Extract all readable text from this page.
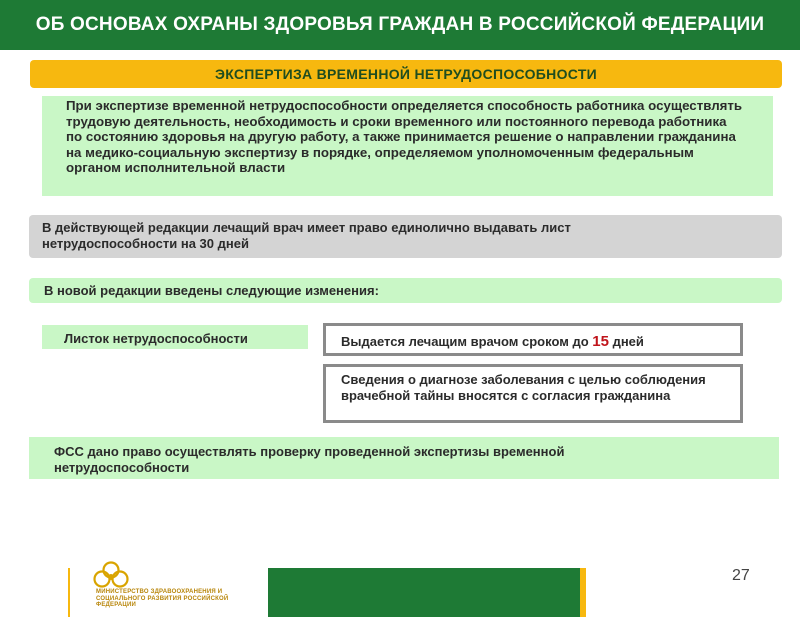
ОБ ОСНОВАХ ОХРАНЫ ЗДОРОВЬЯ ГРАЖДАН В РОССИЙСКОЙ ФЕДЕРАЦИИ
ЭКСПЕРТИЗА ВРЕМЕННОЙ НЕТРУДОСПОСОБНОСТИ
При экспертизе временной нетрудоспособности определяется способность работника осуществлять трудовую деятельность, необходимость и сроки временного или постоянного перевода работника по состоянию здоровья на другую работу, а также принимается решение о направлении гражданина на медико-социальную экспертизу в порядке, определяемом уполномоченным федеральным органом исполнительной власти
В действующей редакции лечащий врач имеет право единолично выдавать лист нетрудоспособности на 30 дней
В новой редакции введены следующие изменения:
Листок нетрудоспособности	Выдается лечащим врачом сроком до 15 дней
Сведения о диагнозе заболевания с целью соблюдения врачебной тайны вносятся с согласия гражданина
ФСС дано право осуществлять проверку проведенной экспертизы временной нетрудоспособности
МИНИСТЕРСТВО ЗДРАВООХРАНЕНИЯ И СОЦИАЛЬНОГО РАЗВИТИЯ РОССИЙСКОЙ ФЕДЕРАЦИИ
27
